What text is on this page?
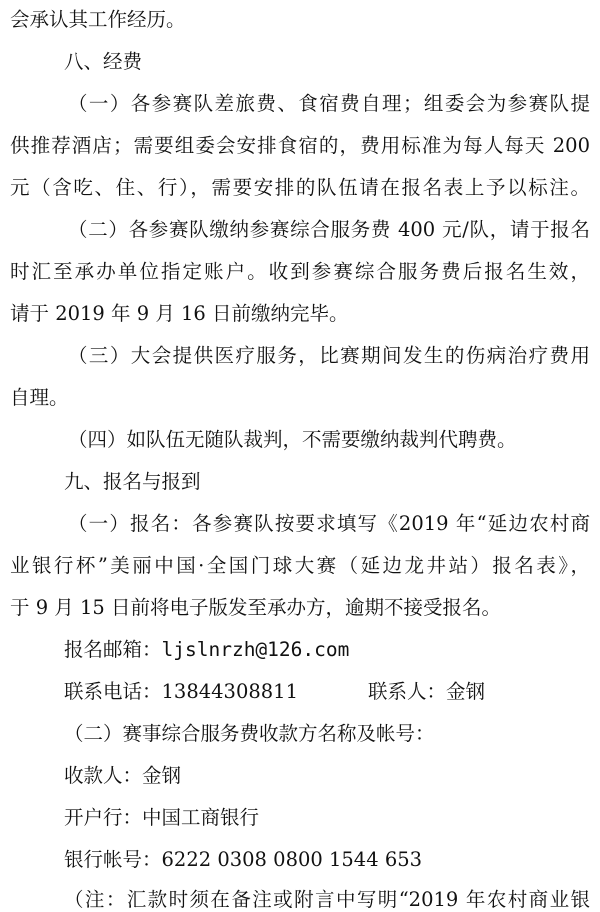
会承认其工作经历。
八、经费
（一）各参赛队差旅费、食宿费自理；组委会为参赛队提
供推荐酒店；需要组委会安排食宿的，费用标准为每人每天 200
元（含吃、住、行），需要安排的队伍请在报名表上予以标注。
（二）各参赛队缴纳参赛综合服务费 400 元/队，请于报名
时汇至承办单位指定账户。收到参赛综合服务费后报名生效，
请于 2019 年 9 月 16 日前缴纳完毕。
（三）大会提供医疗服务，比赛期间发生的伤病治疗费用
自理。
（四）如队伍无随队裁判，不需要缴纳裁判代聘费。
九、报名与报到
（一）报名：各参赛队按要求填写《2019 年“延边农村商
业银行杯”美丽中国·全国门球大赛（延边龙井站）报名表》，
于 9 月 15 日前将电子版发至承办方，逾期不接受报名。
报名邮箱：ljslnrzh@126.com
联系电话：13844308811	联系人：金钢
（二）赛事综合服务费收款方名称及帐号：
收款人：金钢
开户行：中国工商银行
银行帐号：6222 0308 0800 1544 653
（注：汇款时须在备注或附言中写明“2019 年农村商业银
